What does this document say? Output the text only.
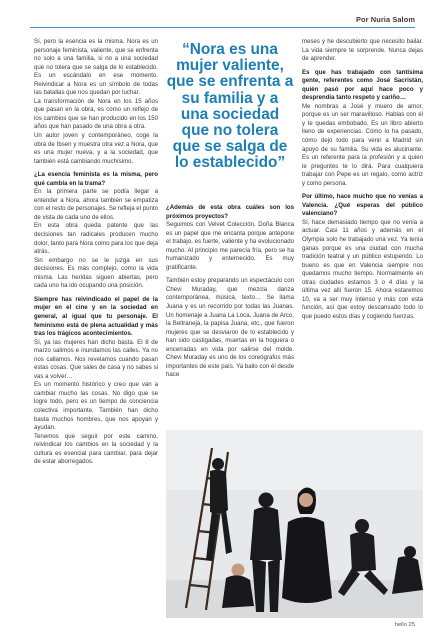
Por Nuria Salom

Sí, pero la esencia es la misma. Nora es un personaje feminista, valiente, que se enfrenta no solo a una familia, si no a una sociedad que no tolera que se salga de lo establecido. Es un escándalo en ese momento. Reivindicar a Nora es un símbolo de todas las batallas que nos quedan por luchar.

La transformación de Nora en los 15 años que pasan en la obra, es como un reflejo de los cambios que se han producido en los 150 años que han pasado de una obra a otra.

Un autor joven y contemporáneo, coge la obra de Ibsen y muestra otra vez a Nora, que es una mujer nueva, y a la sociedad, que también está cambiando muchísimo.

¿La esencia feminista es la misma, pero qué cambia en la trama?

En la primera parte se podía llegar a entender a Nora, ahora también se empatiza con el resto de personajes. Se refleja el punto de vista de cada uno de ellos.

En esta obra queda patente que las decisiones tan radicales producen mucho dolor, tanto para Nora como para los que deja atrás.

Sin embargo no se le juzga en sus decisiones. Es más complejo, como la vida misma. Las heridas siguen abiertas, pero cada uno ha ido ocupando una posición.

Siempre has reivindicado el papel de la mujer en el cine y en la sociedad en general, al igual que tu personaje. El feminismo está de plena actualidad y más tras los trágicos acontecimientos.

Sí, ya las mujeres han dicho basta. El 8 de marzo salimos e inundamos las calles. Ya no nos callamos. Nos revelamos cuando pasan estas cosas. Que sales de casa y no sabes si vas a volver…

Es un momento histórico y creo que van a cambiar mucho las cosas. No digo que se logre todo, pero es un tiempo de conciencia colectiva importante. También han dicho basta muchos hombres, que nos apoyan y ayudan.

Tenemos que seguir por este camino, reivindicar los cambios en la sociedad y la cultura es esencial para cambiar, para dejar de estar aborregados.

“Nora es una mujer valiente, que se enfrenta a su familia y a una sociedad que no tolera que se salga de lo establecido”

¿Además de esta obra cuáles son los próximos proyectos?

Seguimos con Velvet Colección. Doña Blanca es un papel que me encanta porque antepone el trabajo, es fuerte, valiente y ha evolucionado mucho. Al principio me parecía fría, pero se ha humanizado y enternecido. Es muy gratificante.

También estoy preparando un espectáculo con Chevi Muraday, que mezcla danza contemporánea, música, texto… Se llama Juana y es un recorrido por todas las Juanas. Un homenaje a Juana La Loca, Juana de Arco, la Beltraneja, la papisa Juana, etc., que fueron mujeres que se desviaron de lo establecido y han sido castigadas, muertas en la hoguera o encerradas en vida por salirse del molde. Chevi Muraday es uno de los coreógrafos más importantes de este país. Ya bailo con él desde hace

meses y he descubierto que necesito bailar. La vida siempre te sorprende. Nunca dejas de aprender.

Es que has trabajado con tantísima gente, referentes como José Sacristán, quién pasó por aquí hace poco y desprendía tanto respeto y cariño…

Me nombras a José y muero de amor, porque es un ser maravilloso. Hablas con él y te quedas embobado. Es un libro abierto lleno de experiencias. Cómo lo ha pasado, cómo dejó todo para venir a Madrid sin apoyo de su familia. Su vida es alucinante. Es un referente para la profesión y a quien le preguntes te lo dirá. Para cualquiera trabajar con Pepe es un regalo, como actriz y como persona.

Por último, hace mucho que no venías a Valencia. ¿Qué esperas del público valenciano?

Sí, hace demasiado tiempo que no venía a actuar. Casi 11 años y además en el Olympia solo he trabajado una vez. Ya tenía ganas porque es una ciudad con mucha tradición teatral y un público estupendo. Lo bueno es que en Valencia siempre nos quedamos mucho tiempo. Normalmente en otras ciudades estamos 3 o 4 días y la última vez allí fueron 15. Ahora estaremos 10, va a ser muy intenso y más con esta función, así que estoy descansado todo lo que puedo estos días y cogiendo fuerzas.

hello 25
